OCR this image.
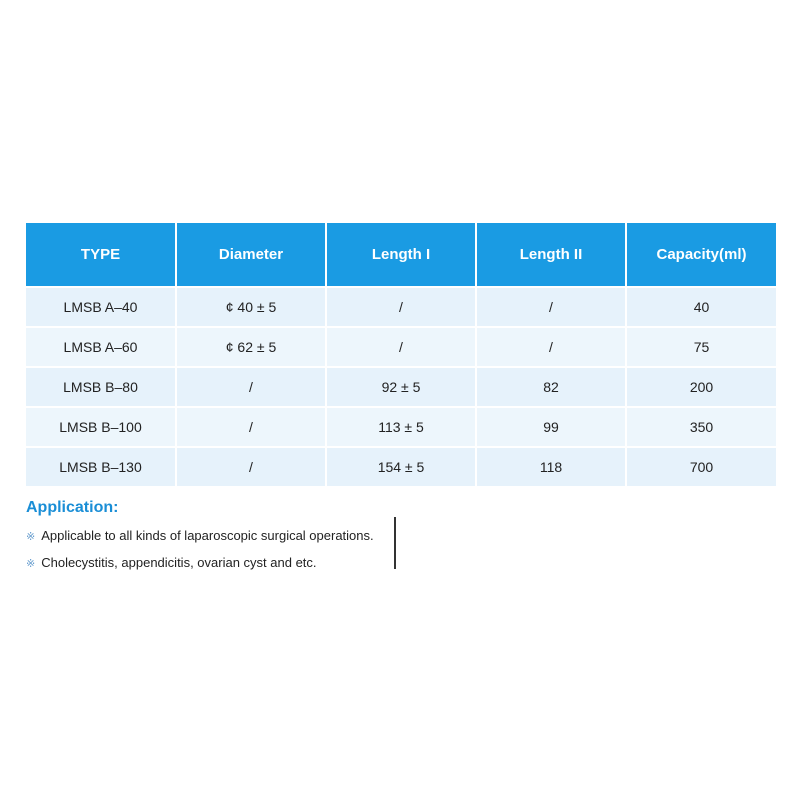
TYPE	Diameter	Length I	Length II	Capacity(ml)
LMSB A–40	¢ 40 ± 5	/	/	40
LMSB A–60	¢ 62 ± 5	/	/	75
LMSB B–80	/	92 ± 5	82	200
LMSB B–100	/	113 ± 5	99	350
LMSB B–130	/	154 ± 5	118	700
Application:
※ Applicable to all kinds of laparoscopic surgical operations.
※ Cholecystitis, appendicitis, ovarian cyst and etc.
